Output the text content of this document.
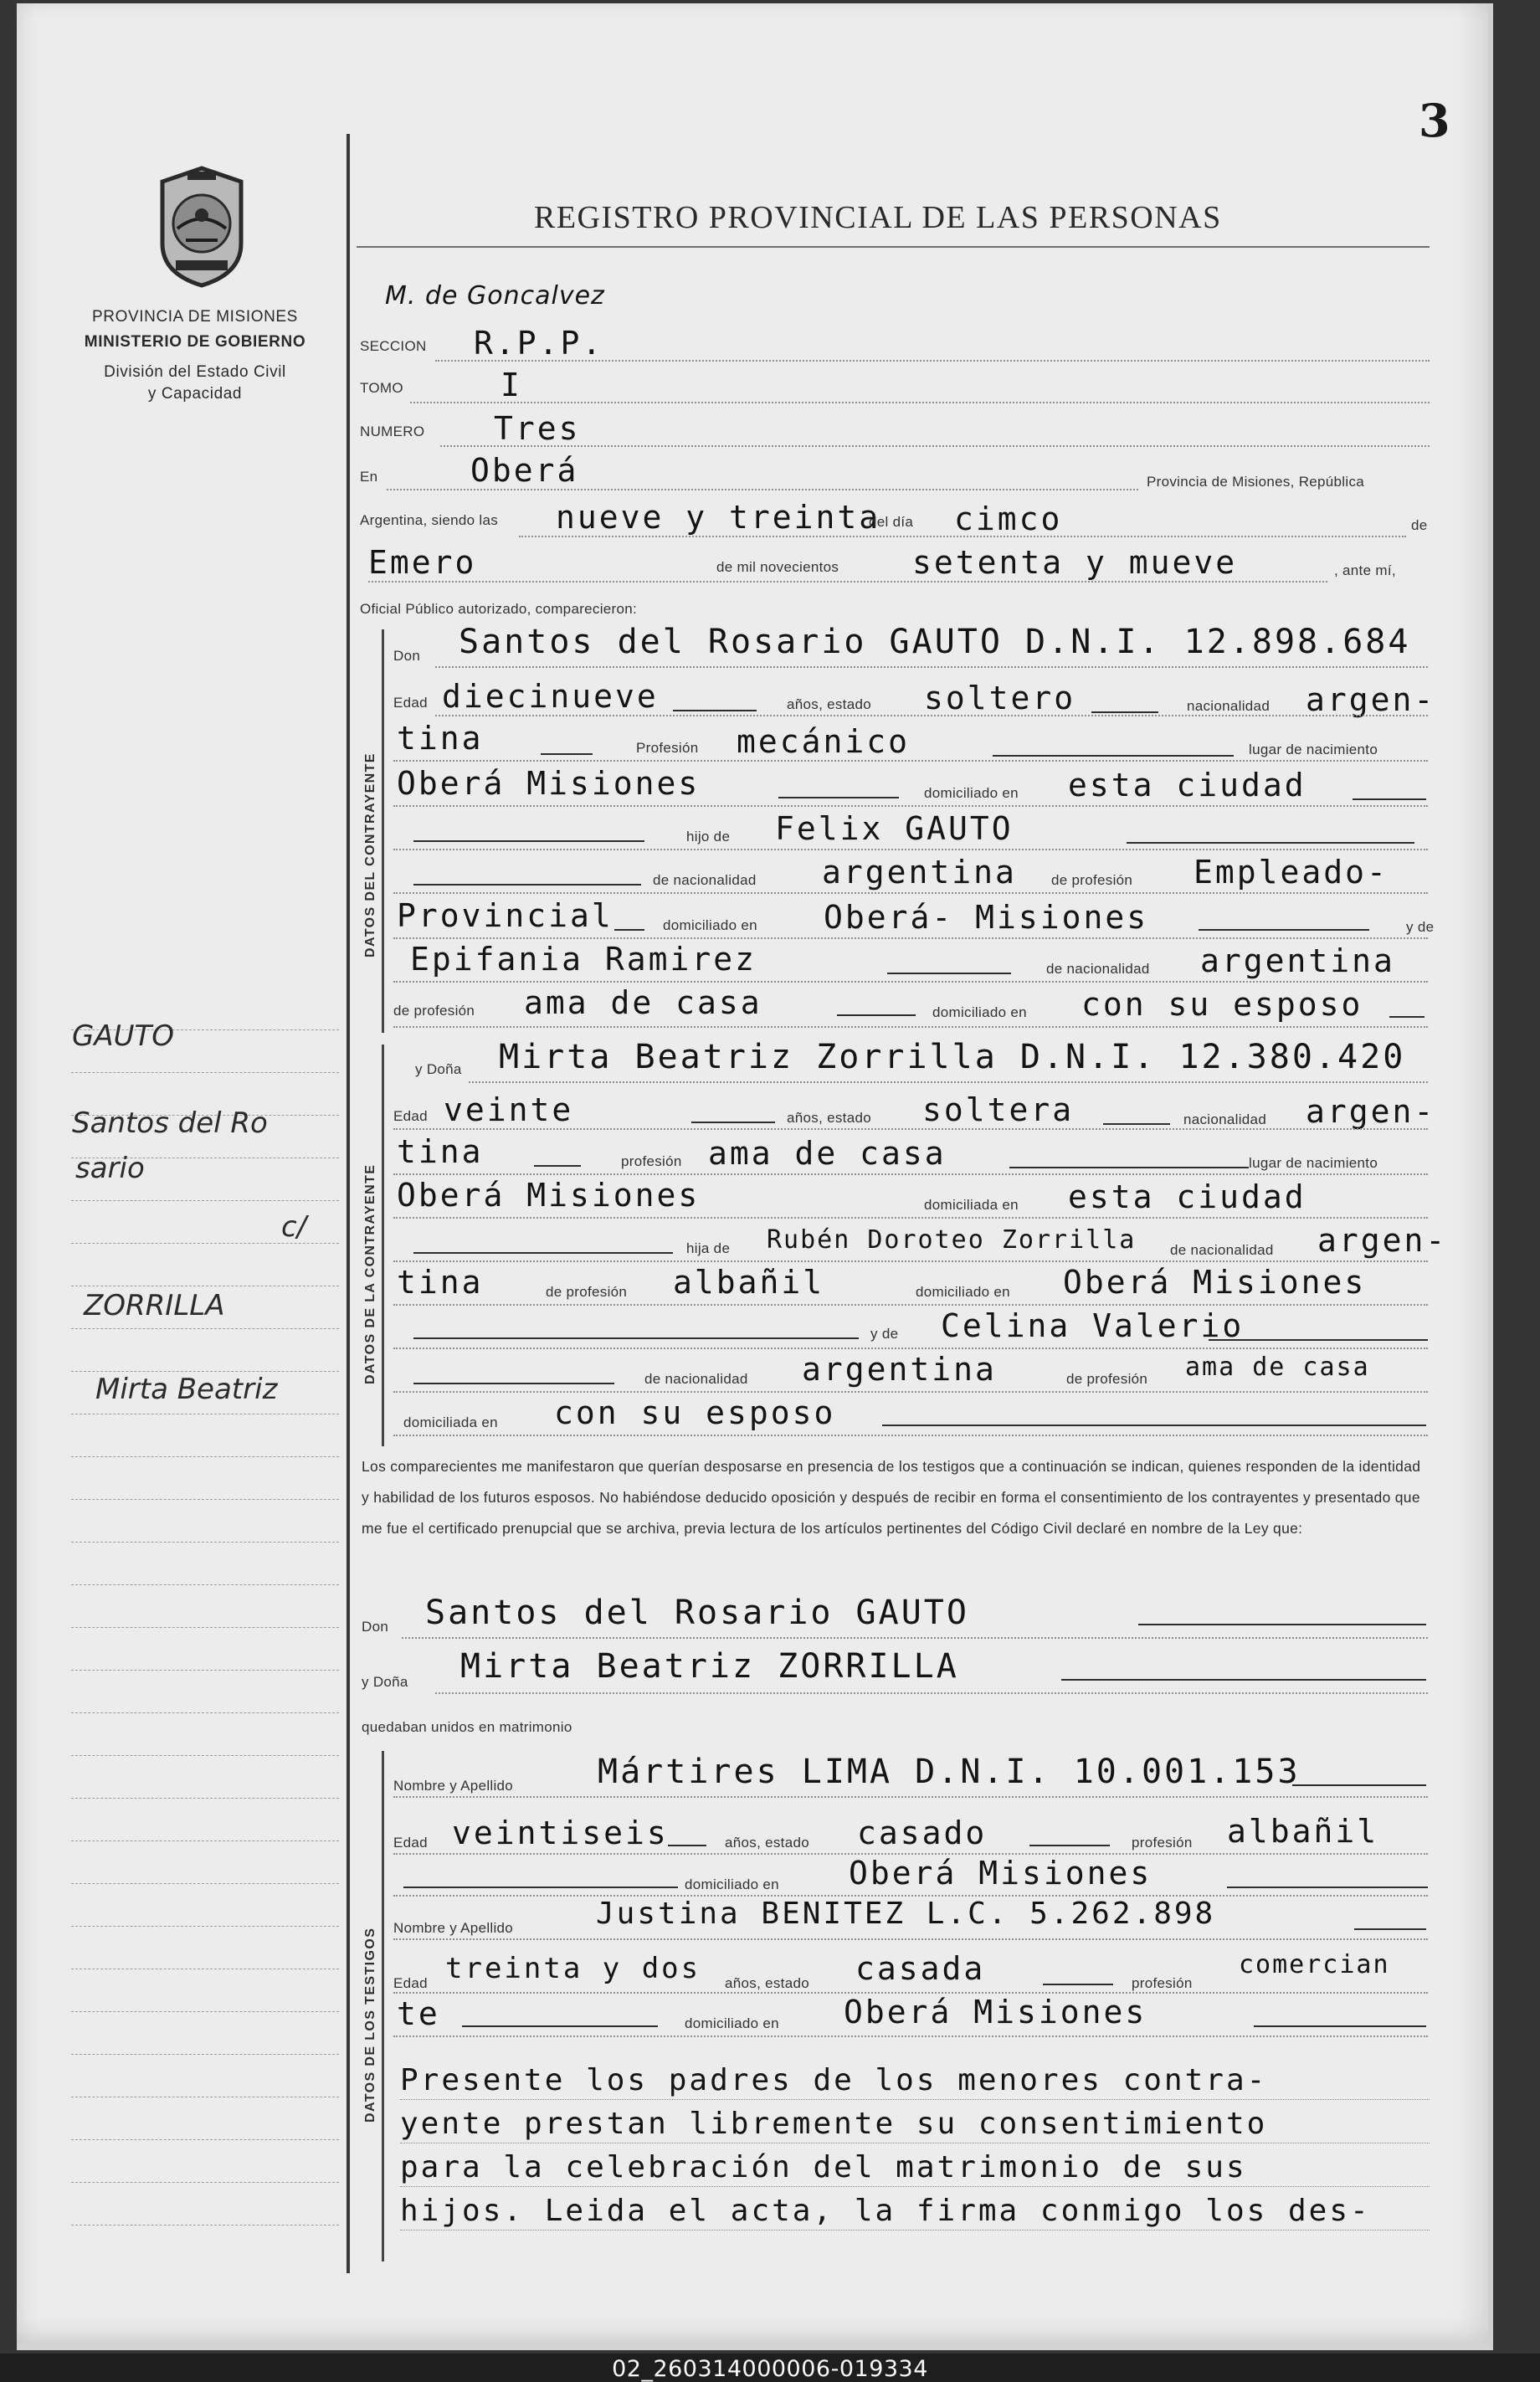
02_260314000006-019334
3
PROVINCIA DE MISIONES
MINISTERIO DE GOBIERNO
División del Estado Civil
y Capacidad
GAUTO
Santos del Ro
sario
c/
ZORRILLA
Mirta Beatriz
REGISTRO PROVINCIAL DE LAS PERSONAS
M. de Goncalvez
SECCION R.P.P.
TOMO	I
NUMERO Tres
En	Oberá	Provincia de Misiones, República
Argentina, siendo las nueve y treinta
del día cimco	de
Emero	de mil novecientos setenta y mueve	, ante mí,
Oficial Público autorizado, comparecieron:
DATOS DEL CONTRAYENTE
Don Santos del Rosario GAUTO D.N.I. 12.898.684
Edad diecinueve	años, estado soltero	nacionalidad argen-
tina	Profesión mecánico	lugar de nacimiento
Oberá Misiones	domiciliado en esta ciudad
hijo de Felix GAUTO
de nacionalidad argentina de profesión Empleado-
Provincial	domiciliado en Oberá- Misiones	y de
Epifania Ramirez	de nacionalidad argentina
de profesión ama de casa	domiciliado en con su esposo
DATOS DE LA CONTRAYENTE
y Doña Mirta Beatriz Zorrilla D.N.I. 12.380.420
Edad veinte	años, estado soltera	nacionalidad argen-
tina	profesión ama de casa	lugar de nacimiento
Oberá Misiones	domiciliada en esta ciudad
hija de Rubén Doroteo Zorrilla de nacionalidad argen-
tina	de profesión albañil	domiciliado en Oberá Misiones
y de Celina Valerio
de nacionalidad argentina	de profesión ama de casa
domiciliada en con su esposo
Los comparecientes me manifestaron que querían desposarse en presencia de los testigos que a continuación se indican, quienes responden de la identidad y habilidad de los futuros esposos. No habiéndose deducido oposición y después de recibir en forma el consentimiento de los contrayentes y presentado que me fue el certificado prenupcial que se archiva, previa lectura de los artículos pertinentes del Código Civil declaré en nombre de la Ley que:
Don Santos del Rosario GAUTO
y Doña Mirta Beatriz ZORRILLA
quedaban unidos en matrimonio
DATOS DE LOS TESTIGOS
Nombre y Apellido	Mártires LIMA D.N.I. 10.001.153
Edad veintiseis	años, estado casado	profesión albañil
domiciliado en Oberá Misiones
Nombre y Apellido	Justina BENITEZ L.C. 5.262.898
Edad treinta y dos años, estado casada	profesión
comercian
te	domiciliado en Oberá Misiones
Presente los padres de los menores contra-
yente prestan libremente su consentimiento
para la celebración del matrimonio de sus
hijos. Leida el acta, la firma conmigo los des-
